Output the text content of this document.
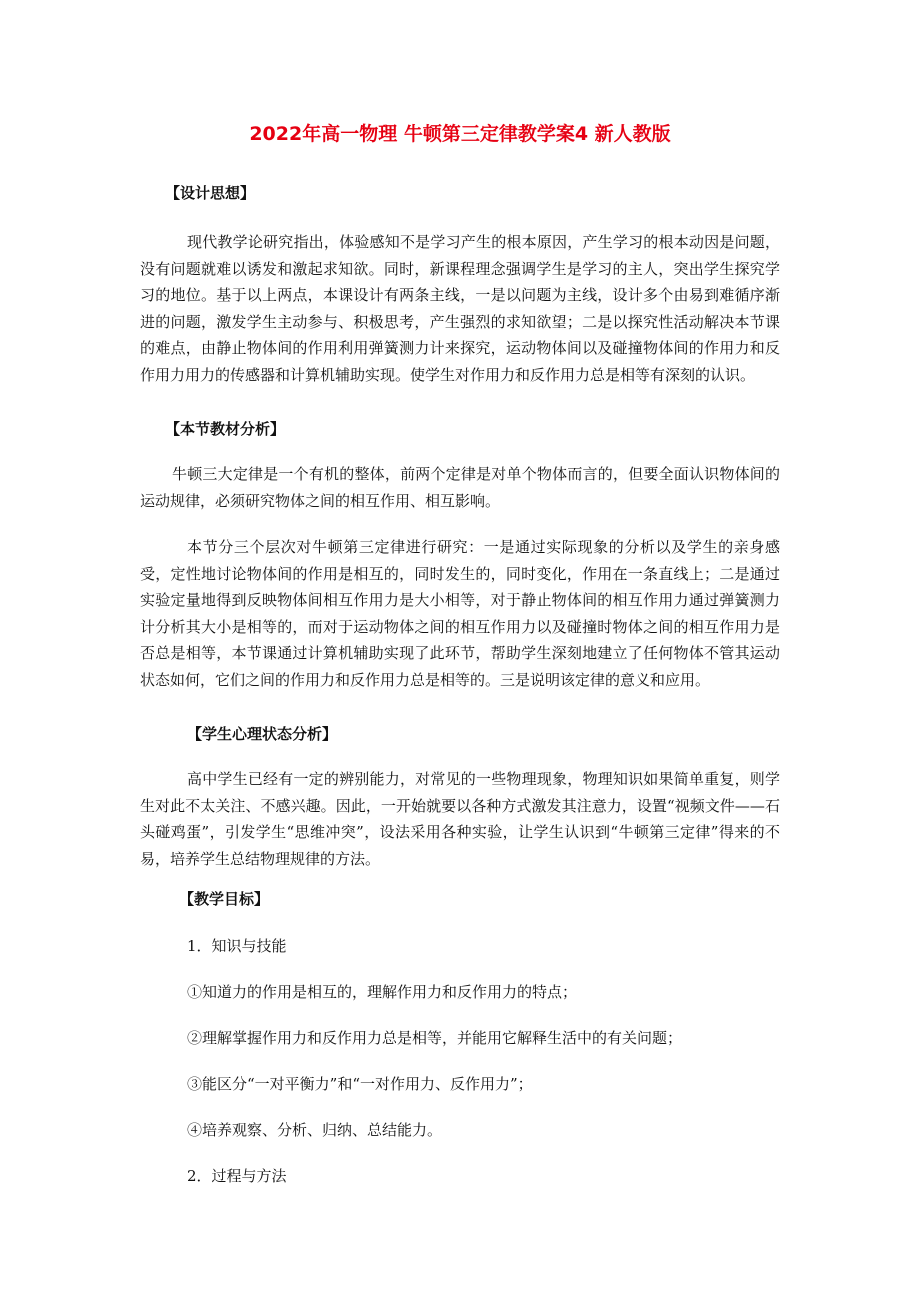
2022年高一物理 牛顿第三定律教学案4 新人教版
【设计思想】

现代教学论研究指出，体验感知不是学习产生的根本原因，产生学习的根本动因是问题，没有问题就难以诱发和激起求知欲。同时，新课程理念强调学生是学习的主人，突出学生探究学习的地位。基于以上两点，本课设计有两条主线，一是以问题为主线，设计多个由易到难循序渐进的问题，激发学生主动参与、积极思考，产生强烈的求知欲望；二是以探究性活动解决本节课的难点，由静止物体间的作用利用弹簧测力计来探究，运动物体间以及碰撞物体间的作用力和反作用力用力的传感器和计算机辅助实现。使学生对作用力和反作用力总是相等有深刻的认识。

【本节教材分析】

牛顿三大定律是一个有机的整体，前两个定律是对单个物体而言的，但要全面认识物体间的运动规律，必须研究物体之间的相互作用、相互影响。

本节分三个层次对牛顿第三定律进行研究：一是通过实际现象的分析以及学生的亲身感受，定性地讨论物体间的作用是相互的，同时发生的，同时变化，作用在一条直线上；二是通过实验定量地得到反映物体间相互作用力是大小相等，对于静止物体间的相互作用力通过弹簧测力计分析其大小是相等的，而对于运动物体之间的相互作用力以及碰撞时物体之间的相互作用力是否总是相等，本节课通过计算机辅助实现了此环节，帮助学生深刻地建立了任何物体不管其运动状态如何，它们之间的作用力和反作用力总是相等的。三是说明该定律的意义和应用。

【学生心理状态分析】

高中学生已经有一定的辨别能力，对常见的一些物理现象，物理知识如果简单重复，则学生对此不太关注、不感兴趣。因此，一开始就要以各种方式激发其注意力，设置“视频文件——石头碰鸡蛋”，引发学生“思维冲突”，设法采用各种实验，让学生认识到“牛顿第三定律”得来的不易，培养学生总结物理规律的方法。

【教学目标】
1．知识与技能
①知道力的作用是相互的，理解作用力和反作用力的特点；
②理解掌握作用力和反作用力总是相等，并能用它解释生活中的有关问题；
③能区分“一对平衡力”和“一对作用力、反作用力”；
④培养观察、分析、归纳、总结能力。
2．过程与方法
